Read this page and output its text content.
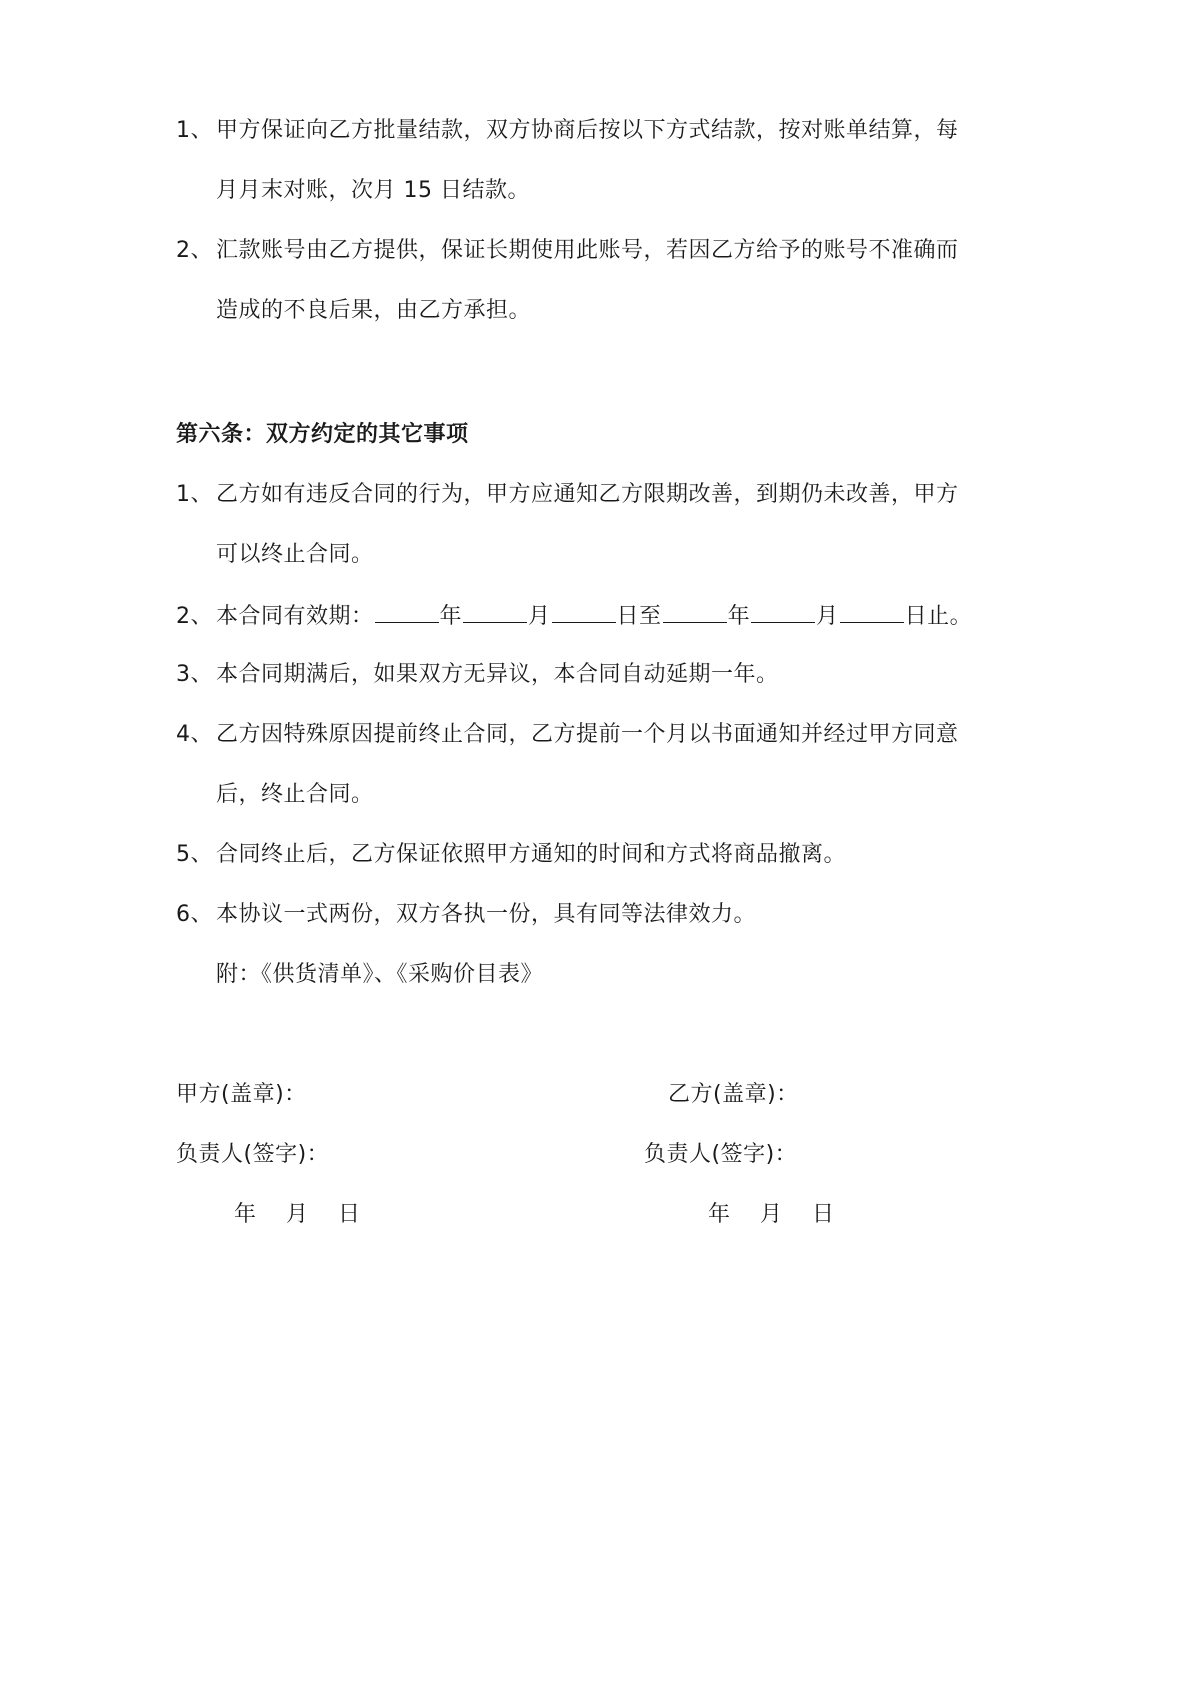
1、 甲方保证向乙方批量结款，双方协商后按以下方式结款，按对账单结算，每
月月末对账，次月 15 日结款。
2、 汇款账号由乙方提供，保证长期使用此账号，若因乙方给予的账号不准确而
造成的不良后果，由乙方承担。
第六条：双方约定的其它事项
1、 乙方如有违反合同的行为，甲方应通知乙方限期改善，到期仍未改善，甲方
可以终止合同。
2、 本合同有效期：	年	月	日至	年	月	日止。
3、 本合同期满后，如果双方无异议，本合同自动延期一年。
4、 乙方因特殊原因提前终止合同，乙方提前一个月以书面通知并经过甲方同意
后，终止合同。
5、 合同终止后，乙方保证依照甲方通知的时间和方式将商品撤离。
6、 本协议一式两份，双方各执一份，具有同等法律效力。
附：《供货清单》、《采购价目表》
甲方(盖章)：	乙方(盖章)：
负责人(签字)：	负责人(签字)：
年　月　日	年　月　日
